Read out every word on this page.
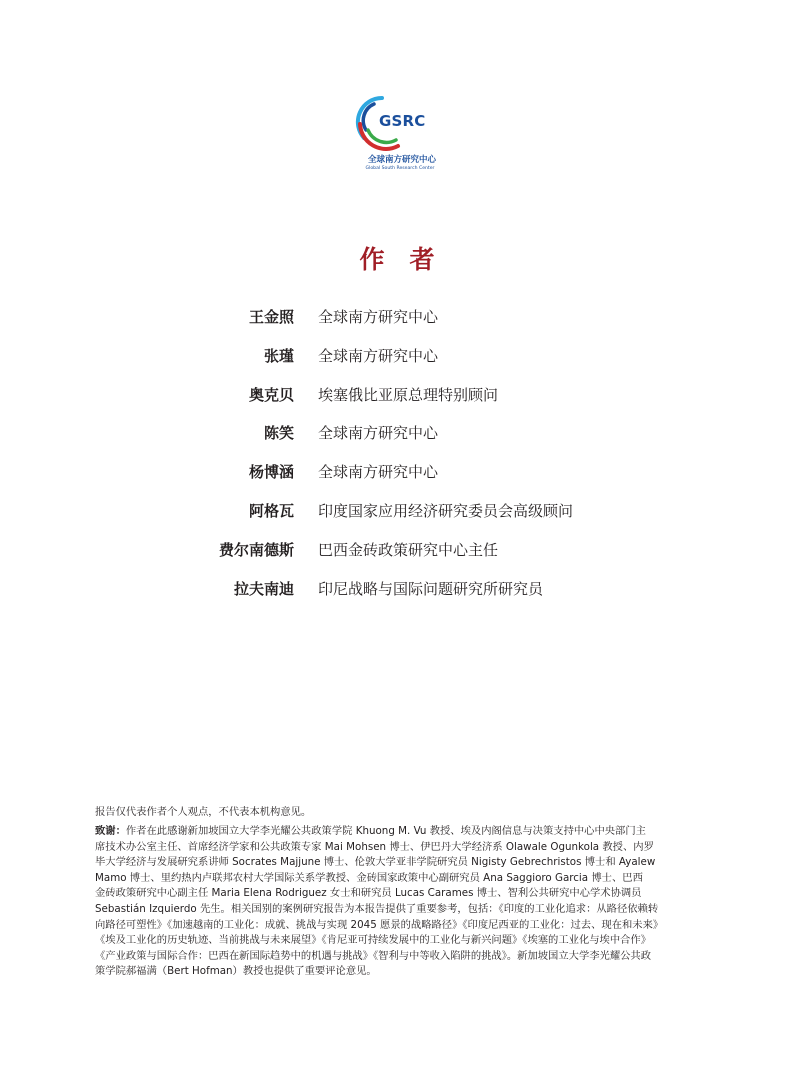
GSRC
全球南方研究中心
Global South Research Center
作　者
王金照 全球南方研究中心
张瑾 全球南方研究中心
奥克贝 埃塞俄比亚原总理特别顾问
陈笑 全球南方研究中心
杨博涵 全球南方研究中心
阿格瓦 印度国家应用经济研究委员会高级顾问
费尔南德斯 巴西金砖政策研究中心主任
拉夫南迪 印尼战略与国际问题研究所研究员
报告仅代表作者个人观点，不代表本机构意见。
致谢：作者在此感谢新加坡国立大学李光耀公共政策学院 Khuong M. Vu 教授、埃及内阁信息与决策支持中心中央部门主
席技术办公室主任、首席经济学家和公共政策专家 Mai Mohsen 博士、伊巴丹大学经济系 Olawale Ogunkola 教授、内罗
毕大学经济与发展研究系讲师 Socrates Majjune 博士、伦敦大学亚非学院研究员 Nigisty Gebrechristos 博士和 Ayalew
Mamo 博士、里约热内卢联邦农村大学国际关系学教授、金砖国家政策中心副研究员 Ana Saggioro Garcia 博士、巴西
金砖政策研究中心副主任 Maria Elena Rodriguez 女士和研究员 Lucas Carames 博士、智利公共研究中心学术协调员
Sebastián Izquierdo 先生。相关国别的案例研究报告为本报告提供了重要参考，包括：《印度的工业化追求：从路径依赖转
向路径可塑性》《加速越南的工业化：成就、挑战与实现 2045 愿景的战略路径》《印度尼西亚的工业化：过去、现在和未来》
《埃及工业化的历史轨迹、当前挑战与未来展望》《肯尼亚可持续发展中的工业化与新兴问题》《埃塞的工业化与埃中合作》
《产业政策与国际合作：巴西在新国际趋势中的机遇与挑战》《智利与中等收入陷阱的挑战》。新加坡国立大学李光耀公共政
策学院郝福满（Bert Hofman）教授也提供了重要评论意见。
